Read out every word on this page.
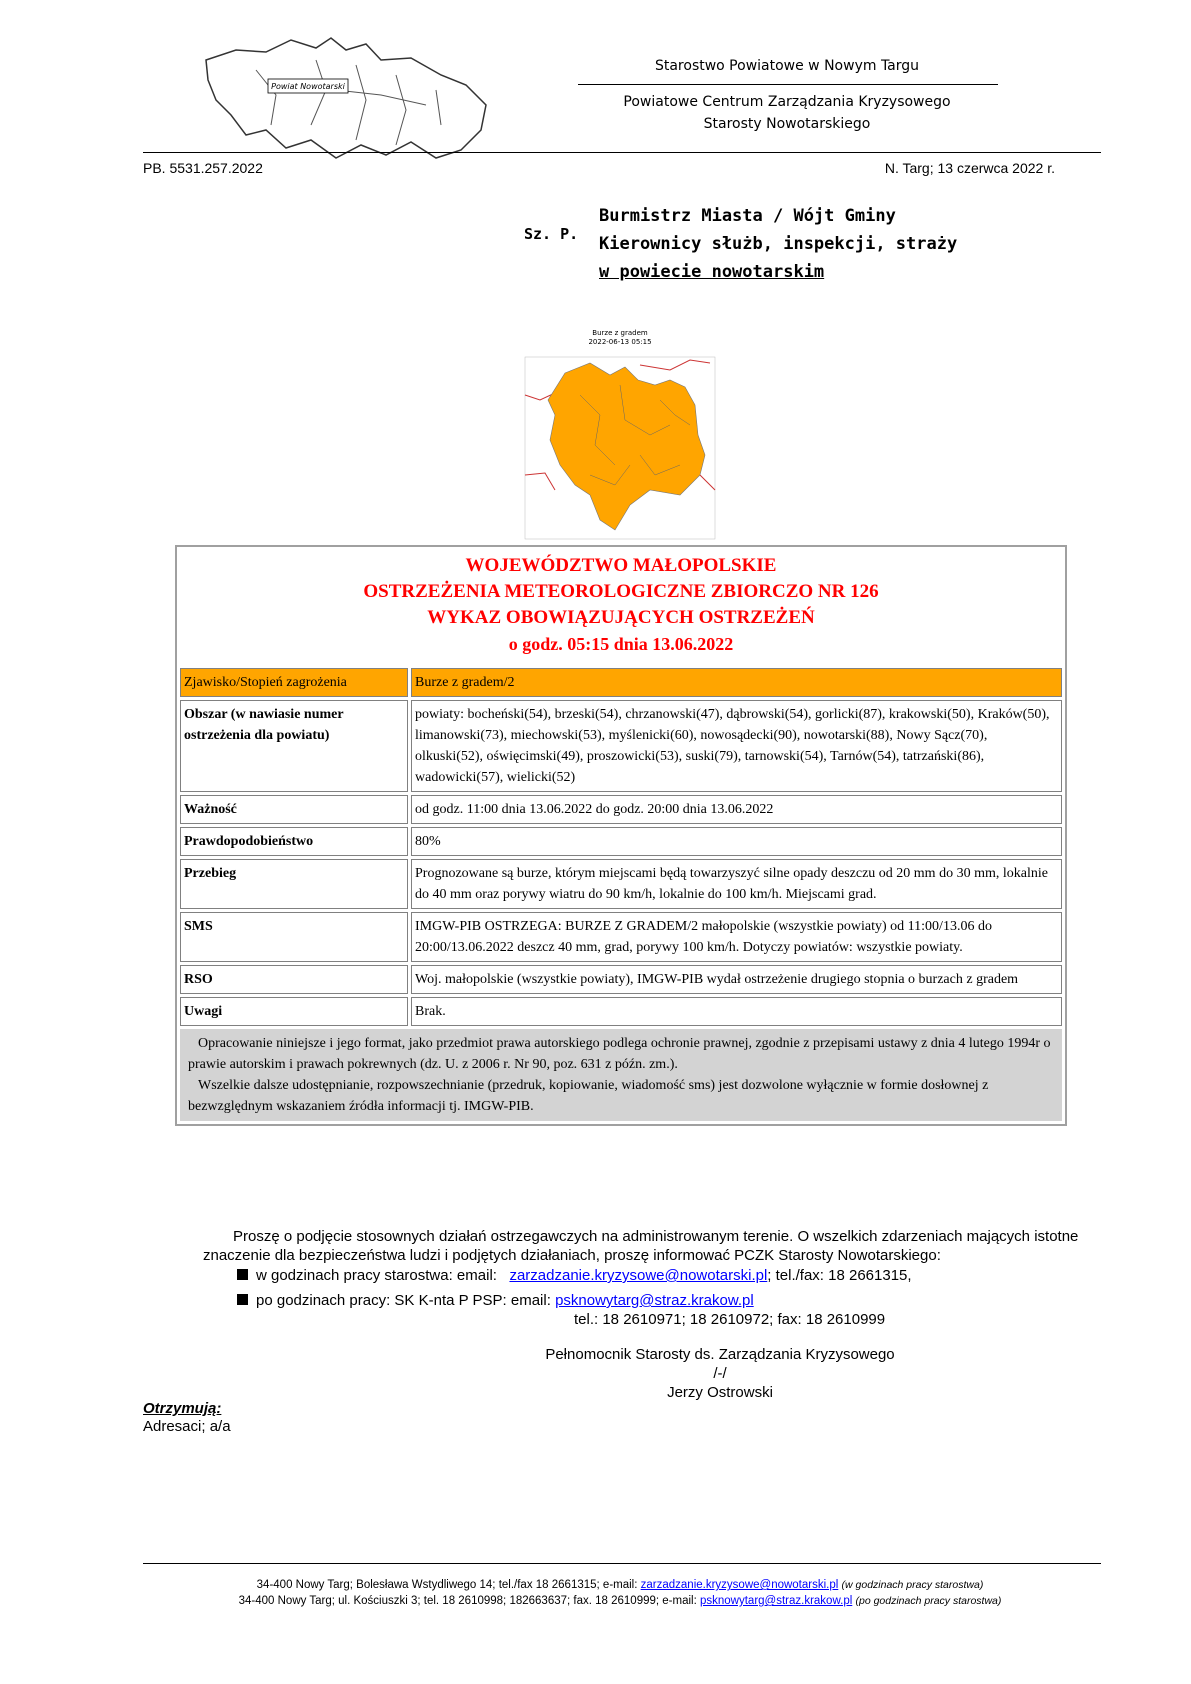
Powiat Nowotarski
Starostwo Powiatowe w Nowym Targu
Powiatowe Centrum Zarządzania Kryzysowego
Starosty Nowotarskiego
PB. 5531.257.2022	N. Targ; 13 czerwca 2022 r.
Sz. P.
Burmistrz Miasta / Wójt Gminy
Kierownicy służb, inspekcji, straży
w powiecie nowotarskim
Burze z gradem
2022-06-13 05:15
WOJEWÓDZTWO MAŁOPOLSKIE
OSTRZEŻENIA METEOROLOGICZNE ZBIORCZO NR 126
WYKAZ OBOWIĄZUJĄCYCH OSTRZEŻEŃ
o godz. 05:15 dnia 13.06.2022
Zjawisko/Stopień zagrożenia	Burze z gradem/2
Obszar (w nawiasie numer ostrzeżenia dla powiatu)	powiaty: bocheński(54), brzeski(54), chrzanowski(47), dąbrowski(54), gorlicki(87), krakowski(50), Kraków(50), limanowski(73), miechowski(53), myślenicki(60), nowosądecki(90), nowotarski(88), Nowy Sącz(70), olkuski(52), oświęcimski(49), proszowicki(53), suski(79), tarnowski(54), Tarnów(54), tatrzański(86), wadowicki(57), wielicki(52)
Ważność	od godz. 11:00 dnia 13.06.2022 do godz. 20:00 dnia 13.06.2022
Prawdopodobieństwo	80%
Przebieg	Prognozowane są burze, którym miejscami będą towarzyszyć silne opady deszczu od 20 mm do 30 mm, lokalnie do 40 mm oraz porywy wiatru do 90 km/h, lokalnie do 100 km/h. Miejscami grad.
SMS	IMGW-PIB OSTRZEGA: BURZE Z GRADEM/2 małopolskie (wszystkie powiaty) od 11:00/13.06 do 20:00/13.06.2022 deszcz 40 mm, grad, porywy 100 km/h. Dotyczy powiatów: wszystkie powiaty.
RSO	Woj. małopolskie (wszystkie powiaty), IMGW-PIB wydał ostrzeżenie drugiego stopnia o burzach z gradem
Uwagi	Brak.
Opracowanie niniejsze i jego format, jako przedmiot prawa autorskiego podlega ochronie prawnej, zgodnie z przepisami ustawy z dnia 4 lutego 1994r o prawie autorskim i prawach pokrewnych (dz. U. z 2006 r. Nr 90, poz. 631 z późn. zm.).
Wszelkie dalsze udostępnianie, rozpowszechnianie (przedruk, kopiowanie, wiadomość sms) jest dozwolone wyłącznie w formie dosłownej z bezwzględnym wskazaniem źródła informacji tj. IMGW-PIB.
Proszę o podjęcie stosownych działań ostrzegawczych na administrowanym terenie. O wszelkich zdarzeniach mających istotne znaczenie dla bezpieczeństwa ludzi i podjętych działaniach, proszę informować PCZK Starosty Nowotarskiego:
w godzinach pracy starostwa: email: zarzadzanie.kryzysowe@nowotarski.pl; tel./fax: 18 2661315,
po godzinach pracy: SK K-nta P PSP: email: psknowytarg@straz.krakow.pl
tel.: 18 2610971; 18 2610972; fax: 18 2610999
Pełnomocnik Starosty ds. Zarządzania Kryzysowego
/-/
Jerzy Ostrowski
Otrzymują:
Adresaci; a/a
34-400 Nowy Targ; Bolesława Wstydliwego 14; tel./fax 18 2661315; e-mail: zarzadzanie.kryzysowe@nowotarski.pl (w godzinach pracy starostwa)
34-400 Nowy Targ; ul. Kościuszki 3; tel. 18 2610998; 182663637; fax. 18 2610999; e-mail: psknowytarg@straz.krakow.pl (po godzinach pracy starostwa)
